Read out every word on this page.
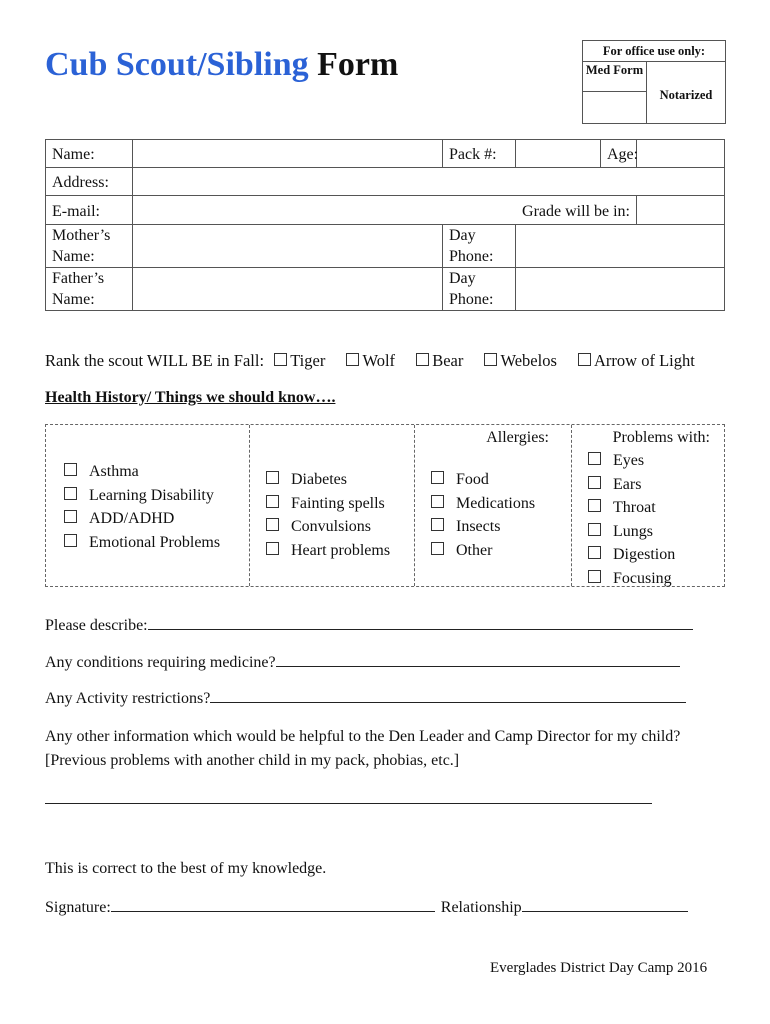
Cub Scout/Sibling Form	For office use only:
Med Form
Notarized
Name:		Pack #:		Age:	
Address:					
E-mail:			Grade will be in:		
Mother’s Name:		Day Phone:			
Father’s Name:		Day Phone:			
Rank the scout WILL BE in Fall: Tiger Wolf Bear Webelos Arrow of Light
Health History/ Things we should know….
Asthma
Learning Disability
ADD/ADHD
Emotional Problems
Diabetes
Fainting spells
Convulsions
Heart problems
Allergies:
Food
Medications
Insects
Other
Problems with:
Eyes
Ears
Throat
Lungs
Digestion
Focusing
Please describe:
Any conditions requiring medicine?
Any Activity restrictions?
Any other information which would be helpful to the Den Leader and Camp Director for my child? [Previous problems with another child in my pack, phobias, etc.]
This is correct to the best of my knowledge.
Signature:	Relationship
Everglades District Day Camp 2016
